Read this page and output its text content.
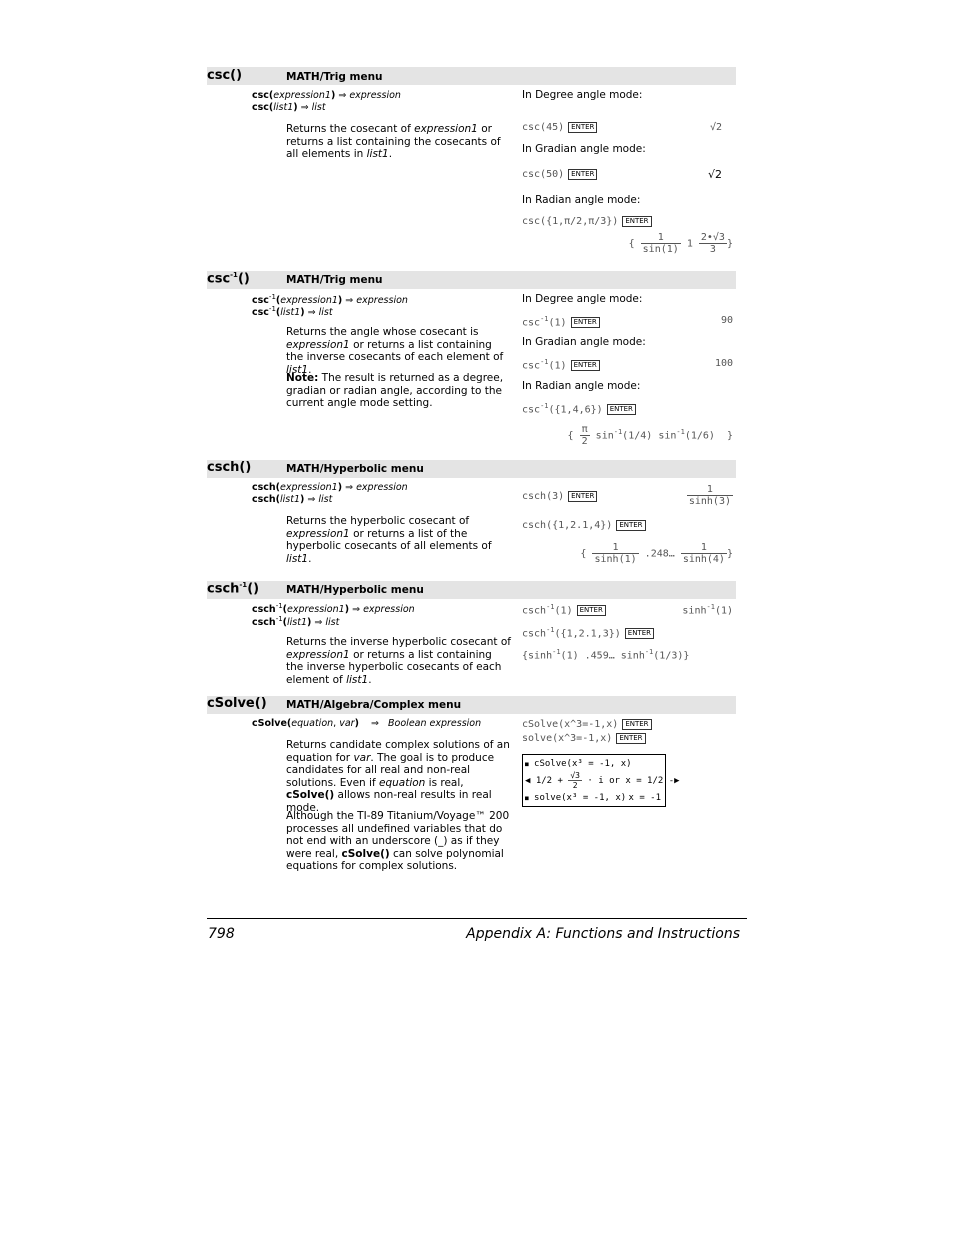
csc()	MATH/Trig menu
csc(expression1) ⇒ expression
csc(list1) ⇒ list
Returns the cosecant of expression1 or returns a list containing the cosecants of all elements in list1.
In Degree angle mode:
csc(45) ENTER	√2
In Gradian angle mode:
csc(50) ENTER	√2
In Radian angle mode:
csc({1,π/2,π/3}) ENTER
{ $\frac{1}{\sin(1)} 1 \frac{2•√3}{3}$ }
$\csc^{-1}()$	MATH/Trig menu
$\csc^{-1}(expression1)$ ⇒ expression
$\csc^{-1}(list1)$ ⇒ list
Returns the angle whose cosecant is expression1 or returns a list containing the inverse cosecants of each element of list1.
Note: The result is returned as a degree, gradian or radian angle, according to the current angle mode setting.
In Degree angle mode:
$\csc^{-1}(1)$ ENTER	90
In Gradian angle mode:
$\csc^{-1}(1)$ ENTER	100
In Radian angle mode:
$\csc^{-1}(\{1,4,6\})$ ENTER
{ $\frac{\pi}{2} \sin^{-1}(1/4)$ $\sin^{-1}(1/6)$ }
csch()	MATH/Hyperbolic menu
csch(expression1) ⇒ expression
csch(list1) ⇒ list
Returns the hyperbolic cosecant of expression1 or returns a list of the hyperbolic cosecants of all elements of list1.
csch(3) ENTER	$\frac{1}{\sinh(3)}$
csch({1,2.1,4}) ENTER
{ $\frac{1}{\sinh(1)}$ .248… $\frac{1}{\sinh(4)}$ }
csch$^{-1}$()	MATH/Hyperbolic menu
csch$^{-1}$(expression1) ⇒ expression
csch$^{-1}$(list1) ⇒ list
Returns the inverse hyperbolic cosecant of expression1 or returns a list containing the inverse hyperbolic cosecants of each element of list1.
csch$^{-1}$(1) ENTER	$\sinh^{-1}(1)$
csch$^{-1}$({1,2.1,3}) ENTER
{$\sinh^{-1}(1)$ .459… $\sinh^{-1}(1/3)$}
cSolve() MATH/Algebra/Complex menu
cSolve(equation, var) ⇒ Boolean expression
Returns candidate complex solutions of an equation for var. The goal is to produce candidates for all real and non-real solutions. Even if equation is real, cSolve() allows non-real results in real mode.
Although the TI-89 Titanium/Voyage™ 200 processes all undefined variables that do not end with an underscore (_) as if they were real, cSolve() can solve polynomial equations for complex solutions.
cSolve(x^3=-1,x) ENTER
solve(x^3=-1,x) ENTER
■ cSolve(x³ = -1, x)
◀ $1/2 + \frac{√3}{2} \cdot i$ or x = 1/2 -▶
■ solve(x³ = -1, x) x = -1
798	Appendix A: Functions and Instructions
